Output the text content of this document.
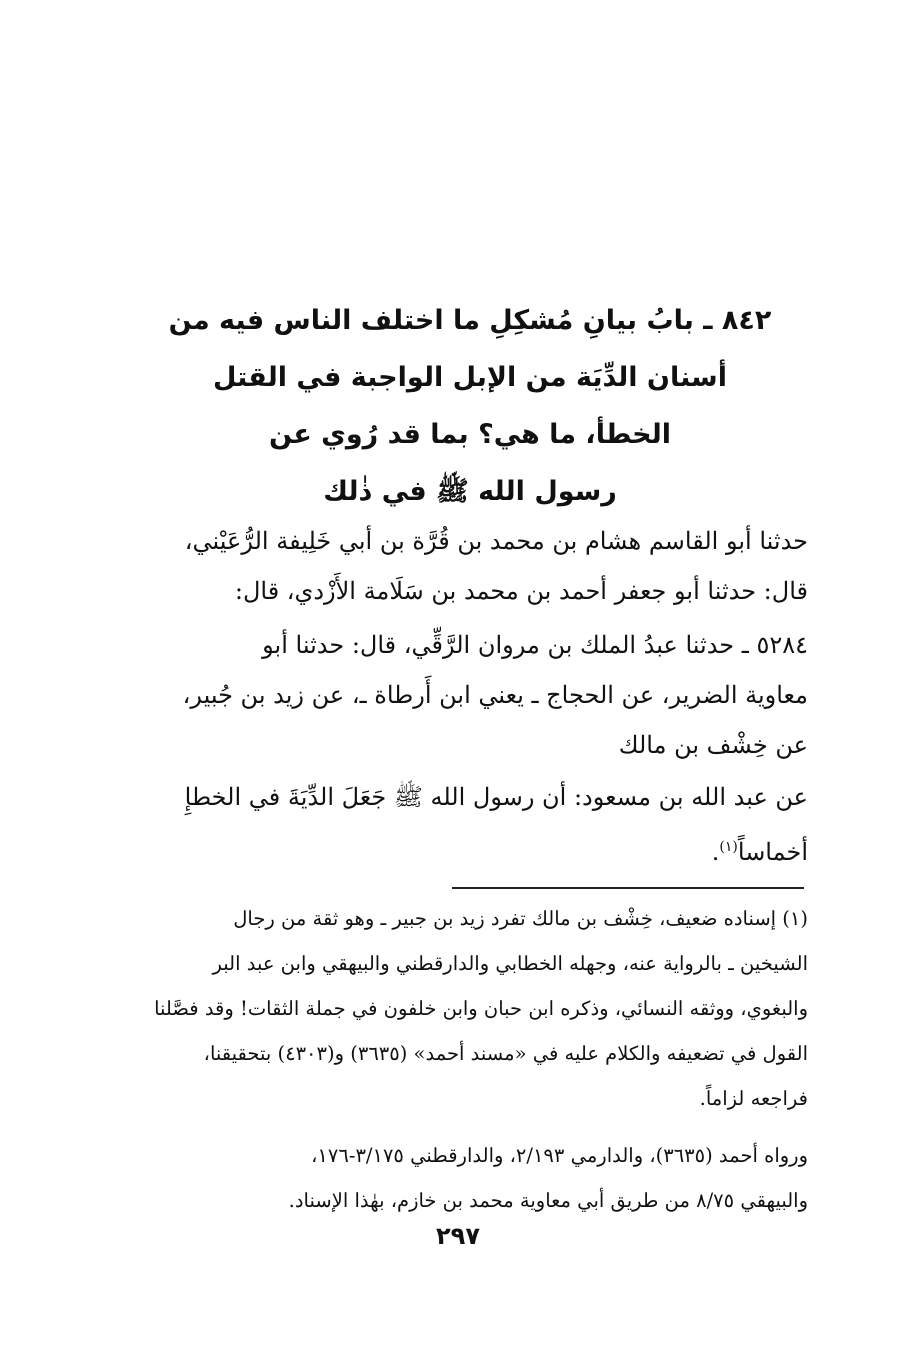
٨٤٢ ـ بابُ بيانِ مُشكِلِ ما اختلف الناس فيه من
أسنان الدِّيَة من الإبل الواجبة في القتل
الخطأ، ما هي؟ بما قد رُوي عن
رسول الله ﷺ في ذٰلك
حدثنا أبو القاسم هشام بن محمد بن قُرَّة بن أبي خَلِيفة الرُّعَيْني،
قال: حدثنا أبو جعفر أحمد بن محمد بن سَلَامة الأَزْدي، قال:
٥٢٨٤ ـ حدثنا عبدُ الملك بن مروان الرَّقِّي، قال: حدثنا أبو
معاوية الضرير، عن الحجاج ـ يعني ابن أَرطاة ـ، عن زيد بن جُبير،
عن خِشْف بن مالك
عن عبد الله بن مسعود: أن رسول الله ﷺ جَعَلَ الدِّيَةَ في الخطإِ
أخماساً$^{(١)}$.
(١) إسناده ضعيف، خِشْف بن مالك تفرد زيد بن جبير ـ وهو ثقة من رجال
الشيخين ـ بالرواية عنه، وجهله الخطابي والدارقطني والبيهقي وابن عبد البر
والبغوي، ووثقه النسائي، وذكره ابن حبان وابن خلفون في جملة الثقات! وقد فصَّلنا
القول في تضعيفه والكلام عليه في «مسند أحمد» (٣٦٣٥) و(٤٣٠٣) بتحقيقنا،
فراجعه لزاماً.
ورواه أحمد (٣٦٣٥)، والدارمي ٢/١٩٣، والدارقطني ٣/١٧٥-١٧٦،
والبيهقي ٨/٧٥ من طريق أبي معاوية محمد بن خازم، بهٰذا الإسناد.
٢٩٧
